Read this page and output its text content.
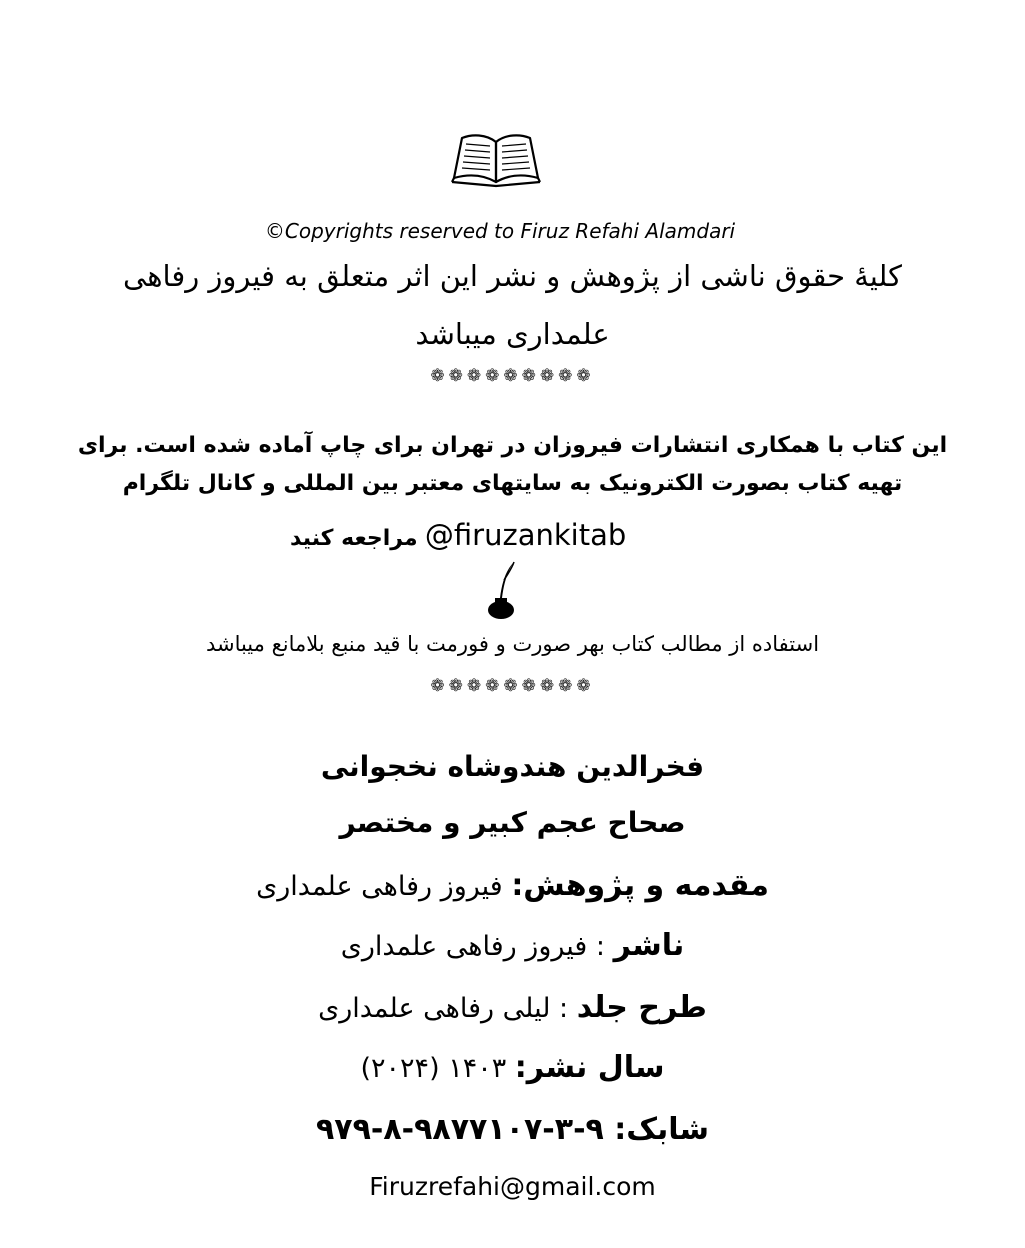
©Copyrights reserved to Firuz Refahi Alamdari
کلیهٔ حقوق ناشی از پژوهش و نشر این اثر متعلق به فیروز رفاهی
علمداری میباشد
❁❁❁❁❁❁❁❁❁
این کتاب با همکاری انتشارات فیروزان در تهران برای چاپ آماده شده است. برای
تهیه کتاب بصورت الکترونیک به سایتهای معتبر بین المللی و کانال تلگرام
مراجعه کنید @firuzankitab
استفاده از مطالب کتاب بهر صورت و فورمت با قید منبع بلامانع میباشد
❁❁❁❁❁❁❁❁❁
فخرالدین هندوشاه نخجوانی
صحاح عجم کبیر و مختصر
مقدمه و پژوهش: فیروز رفاهی علمداری
ناشر : فیروز رفاهی علمداری
طرح جلد : لیلی رفاهی علمداری
سال نشر: ۱۴۰۳ (۲۰۲۴)
شابک: ۹-۳-۹۸۷۷۱۰۷-۸-۹۷۹
Firuzrefahi@gmail.com
